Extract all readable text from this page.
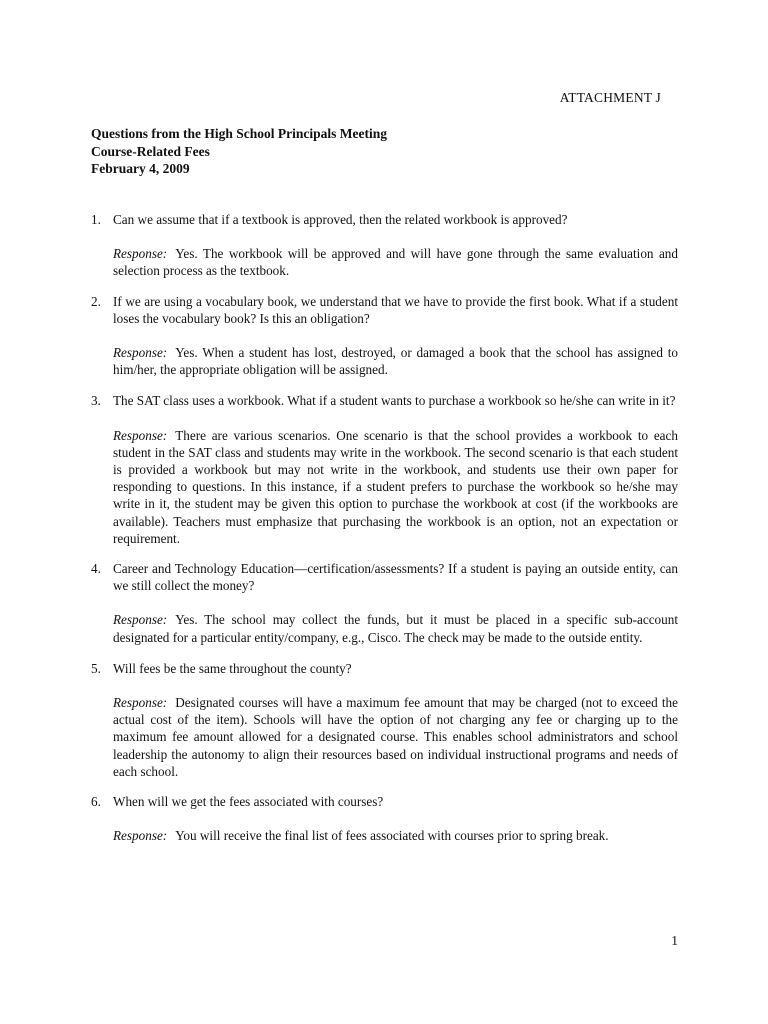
ATTACHMENT J
Questions from the High School Principals Meeting
Course-Related Fees
February 4, 2009
1. Can we assume that if a textbook is approved, then the related workbook is approved?
Response: Yes. The workbook will be approved and will have gone through the same evaluation and selection process as the textbook.
2. If we are using a vocabulary book, we understand that we have to provide the first book. What if a student loses the vocabulary book? Is this an obligation?
Response: Yes. When a student has lost, destroyed, or damaged a book that the school has assigned to him/her, the appropriate obligation will be assigned.
3. The SAT class uses a workbook. What if a student wants to purchase a workbook so he/she can write in it?
Response: There are various scenarios. One scenario is that the school provides a workbook to each student in the SAT class and students may write in the workbook. The second scenario is that each student is provided a workbook but may not write in the workbook, and students use their own paper for responding to questions. In this instance, if a student prefers to purchase the workbook so he/she may write in it, the student may be given this option to purchase the workbook at cost (if the workbooks are available). Teachers must emphasize that purchasing the workbook is an option, not an expectation or requirement.
4. Career and Technology Education—certification/assessments? If a student is paying an outside entity, can we still collect the money?
Response: Yes. The school may collect the funds, but it must be placed in a specific sub-account designated for a particular entity/company, e.g., Cisco. The check may be made to the outside entity.
5. Will fees be the same throughout the county?
Response: Designated courses will have a maximum fee amount that may be charged (not to exceed the actual cost of the item). Schools will have the option of not charging any fee or charging up to the maximum fee amount allowed for a designated course. This enables school administrators and school leadership the autonomy to align their resources based on individual instructional programs and needs of each school.
6. When will we get the fees associated with courses?
Response: You will receive the final list of fees associated with courses prior to spring break.
1
